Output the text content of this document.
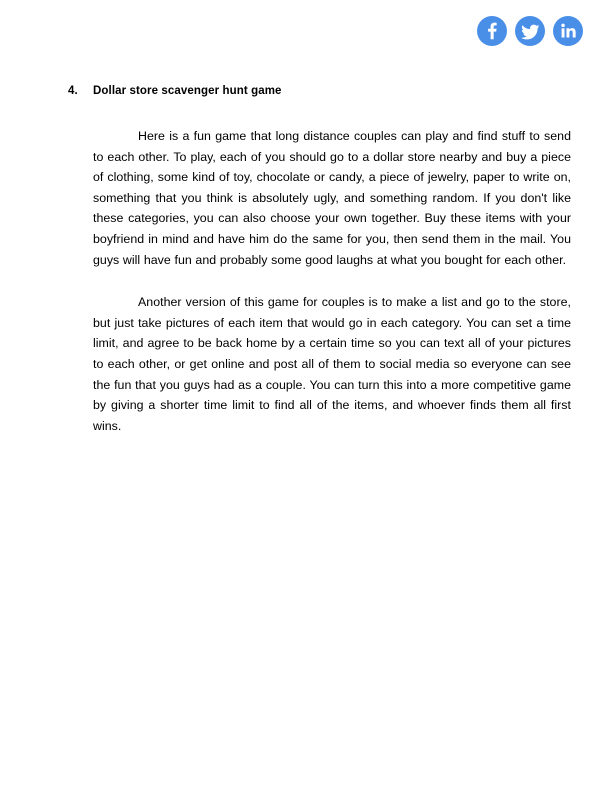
4.	Dollar store scavenger hunt game

Here is a fun game that long distance couples can play and find stuff to send to each other. To play, each of you should go to a dollar store nearby and buy a piece of clothing, some kind of toy, chocolate or candy, a piece of jewelry, paper to write on, something that you think is absolutely ugly, and something random. If you don't like these categories, you can also choose your own together. Buy these items with your boyfriend in mind and have him do the same for you, then send them in the mail. You guys will have fun and probably some good laughs at what you bought for each other.

Another version of this game for couples is to make a list and go to the store, but just take pictures of each item that would go in each category. You can set a time limit, and agree to be back home by a certain time so you can text all of your pictures to each other, or get online and post all of them to social media so everyone can see the fun that you guys had as a couple. You can turn this into a more competitive game by giving a shorter time limit to find all of the items, and whoever finds them all first wins.
